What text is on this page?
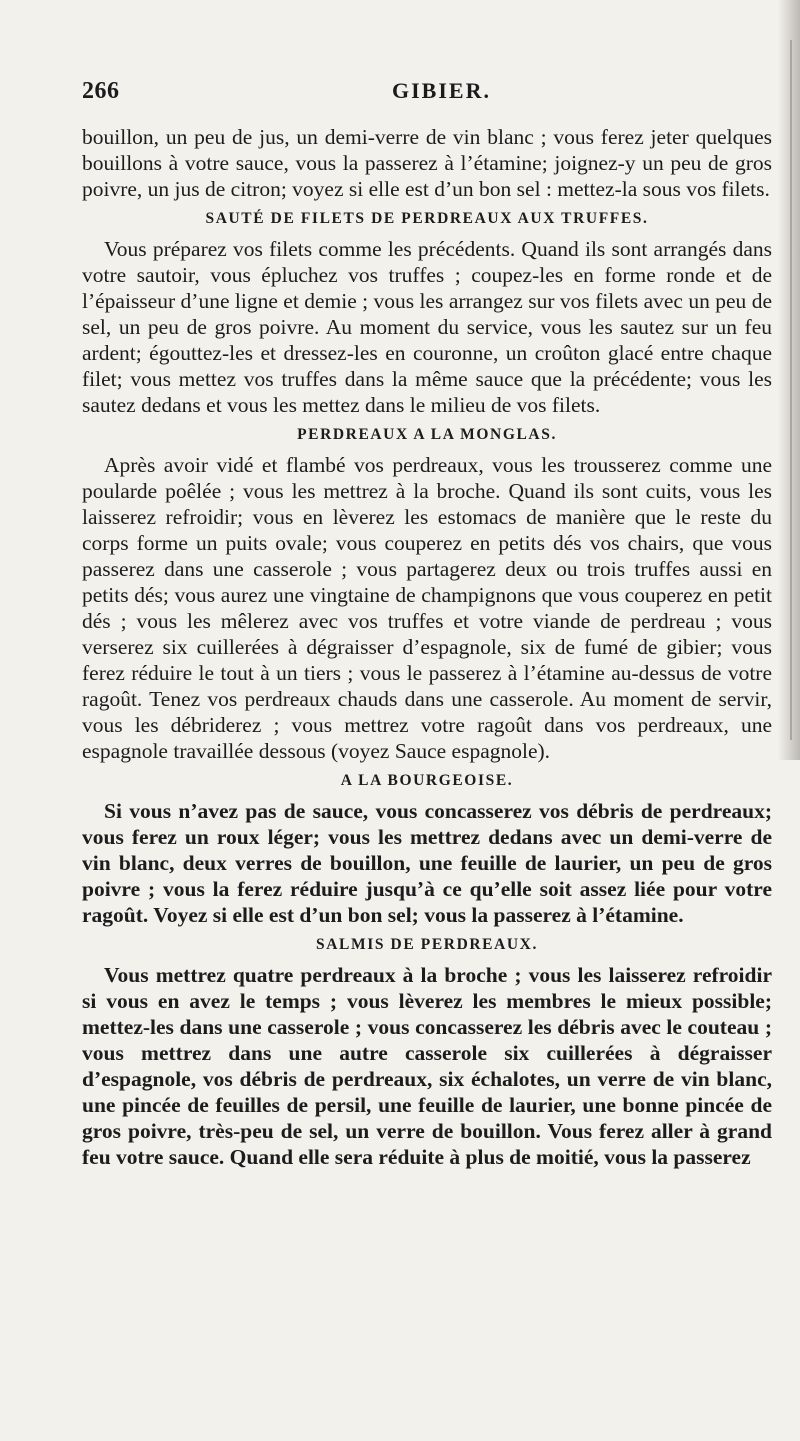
266	GIBIER.

bouillon, un peu de jus, un demi-verre de vin blanc ; vous ferez jeter quelques bouillons à votre sauce, vous la passerez à l’étamine; joignez-y un peu de gros poivre, un jus de citron; voyez si elle est d’un bon sel : mettez-la sous vos filets.

SAUTÉ DE FILETS DE PERDREAUX AUX TRUFFES.

Vous préparez vos filets comme les précédents. Quand ils sont arrangés dans votre sautoir, vous épluchez vos truffes ; coupez-les en forme ronde et de l’épaisseur d’une ligne et demie ; vous les arrangez sur vos filets avec un peu de sel, un peu de gros poivre. Au moment du service, vous les sautez sur un feu ardent; égouttez-les et dressez-les en couronne, un croûton glacé entre chaque filet; vous mettez vos truffes dans la même sauce que la précédente; vous les sautez dedans et vous les mettez dans le milieu de vos filets.

PERDREAUX A LA MONGLAS.

Après avoir vidé et flambé vos perdreaux, vous les trousserez comme une poularde poêlée ; vous les mettrez à la broche. Quand ils sont cuits, vous les laisserez refroidir; vous en lèverez les estomacs de manière que le reste du corps forme un puits ovale; vous couperez en petits dés vos chairs, que vous passerez dans une casserole ; vous partagerez deux ou trois truffes aussi en petits dés; vous aurez une vingtaine de champignons que vous couperez en petit dés ; vous les mêlerez avec vos truffes et votre viande de perdreau ; vous verserez six cuillerées à dégraisser d’espagnole, six de fumé de gibier; vous ferez réduire le tout à un tiers ; vous le passerez à l’étamine au-dessus de votre ragoût. Tenez vos perdreaux chauds dans une casserole. Au moment de servir, vous les débriderez ; vous mettrez votre ragoût dans vos perdreaux, une espagnole travaillée dessous (voyez Sauce espagnole).

A LA BOURGEOISE.

Si vous n’avez pas de sauce, vous concasserez vos débris de perdreaux; vous ferez un roux léger; vous les mettrez dedans avec un demi-verre de vin blanc, deux verres de bouillon, une feuille de laurier, un peu de gros poivre ; vous la ferez réduire jusqu’à ce qu’elle soit assez liée pour votre ragoût. Voyez si elle est d’un bon sel; vous la passerez à l’étamine.

SALMIS DE PERDREAUX.

Vous mettrez quatre perdreaux à la broche ; vous les laisserez refroidir si vous en avez le temps ; vous lèverez les membres le mieux possible; mettez-les dans une casserole ; vous concasserez les débris avec le couteau ; vous mettrez dans une autre casserole six cuillerées à dégraisser d’espagnole, vos débris de perdreaux, six échalotes, un verre de vin blanc, une pincée de feuilles de persil, une feuille de laurier, une bonne pincée de gros poivre, très-peu de sel, un verre de bouillon. Vous ferez aller à grand feu votre sauce. Quand elle sera réduite à plus de moitié, vous la passerez
